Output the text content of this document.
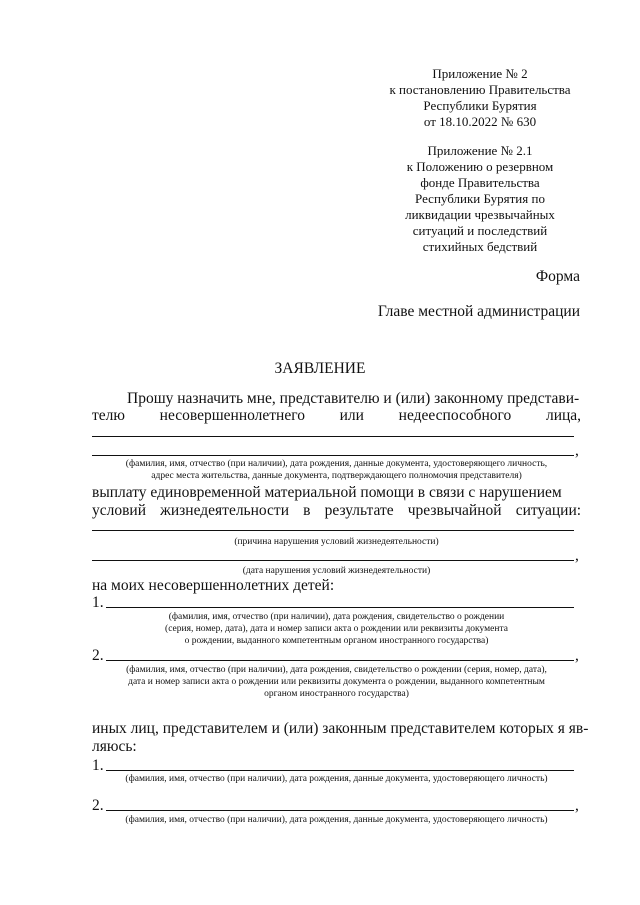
Приложение № 2
к постановлению Правительства
Республики Бурятия
от 18.10.2022 № 630
Приложение № 2.1
к Положению о резервном
фонде Правительства
Республики Бурятия по
ликвидации чрезвычайных
ситуаций и последствий
стихийных бедствий
Форма
Главе местной администрации
ЗАЯВЛЕНИЕ
Прошу назначить мне, представителю и (или) законному представи-
телю несовершеннолетнего или недееспособного лица,
,
(фамилия, имя, отчество (при наличии), дата рождения, данные документа, удостоверяющего личность,
адрес места жительства, данные документа, подтверждающего полномочия представителя)
выплату единовременной материальной помощи в связи с нарушением
условий жизнедеятельности в результате чрезвычайной ситуации:
(причина нарушения условий жизнедеятельности)
,
(дата нарушения условий жизнедеятельности)
на моих несовершеннолетних детей:
1.
(фамилия, имя, отчество (при наличии), дата рождения, свидетельство о рождении
(серия, номер, дата), дата и номер записи акта о рождении или реквизиты документа
о рождении, выданного компетентным органом иностранного государства)
2.	,
(фамилия, имя, отчество (при наличии), дата рождения, свидетельство о рождении (серия, номер, дата),
дата и номер записи акта о рождении или реквизиты документа о рождении, выданного компетентным
органом иностранного государства)
иных лиц, представителем и (или) законным представителем которых я яв-
ляюсь:
1.
(фамилия, имя, отчество (при наличии), дата рождения, данные документа, удостоверяющего личность)
2.	,
(фамилия, имя, отчество (при наличии), дата рождения, данные документа, удостоверяющего личность)
